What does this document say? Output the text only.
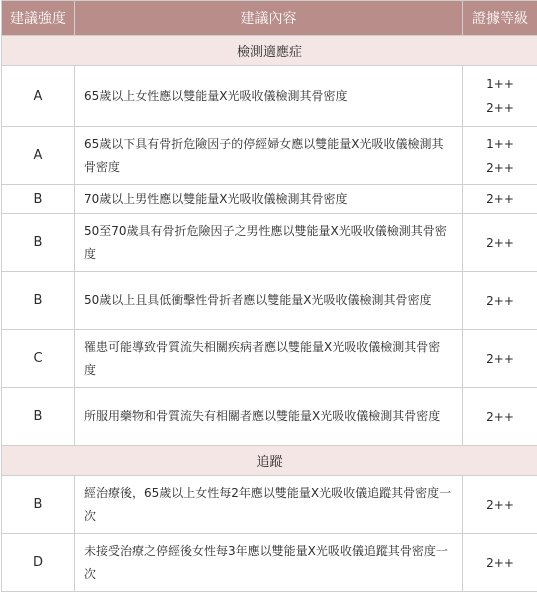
建議強度	建議內容	證據等級
檢測適應症		
A	65歲以上女性應以雙能量X光吸收儀檢測其骨密度	1++
2++

A	65歲以下具有骨折危險因子的停經婦女應以雙能量X光吸收儀檢測其骨密度	1++
2++

B	70歲以上男性應以雙能量X光吸收儀檢測其骨密度	2++

B	50至70歲具有骨折危險因子之男性應以雙能量X光吸收儀檢測其骨密度	2++

B	50歲以上且具低衝擊性骨折者應以雙能量X光吸收儀檢測其骨密度	2++

C	罹患可能導致骨質流失相關疾病者應以雙能量X光吸收儀檢測其骨密度	2++

B	所服用藥物和骨質流失有相關者應以雙能量X光吸收儀檢測其骨密度	2++

追蹤		
B	經治療後，65歲以上女性每2年應以雙能量X光吸收儀追蹤其骨密度一次	2++

D	未接受治療之停經後女性每3年應以雙能量X光吸收儀追蹤其骨密度一次	2++
